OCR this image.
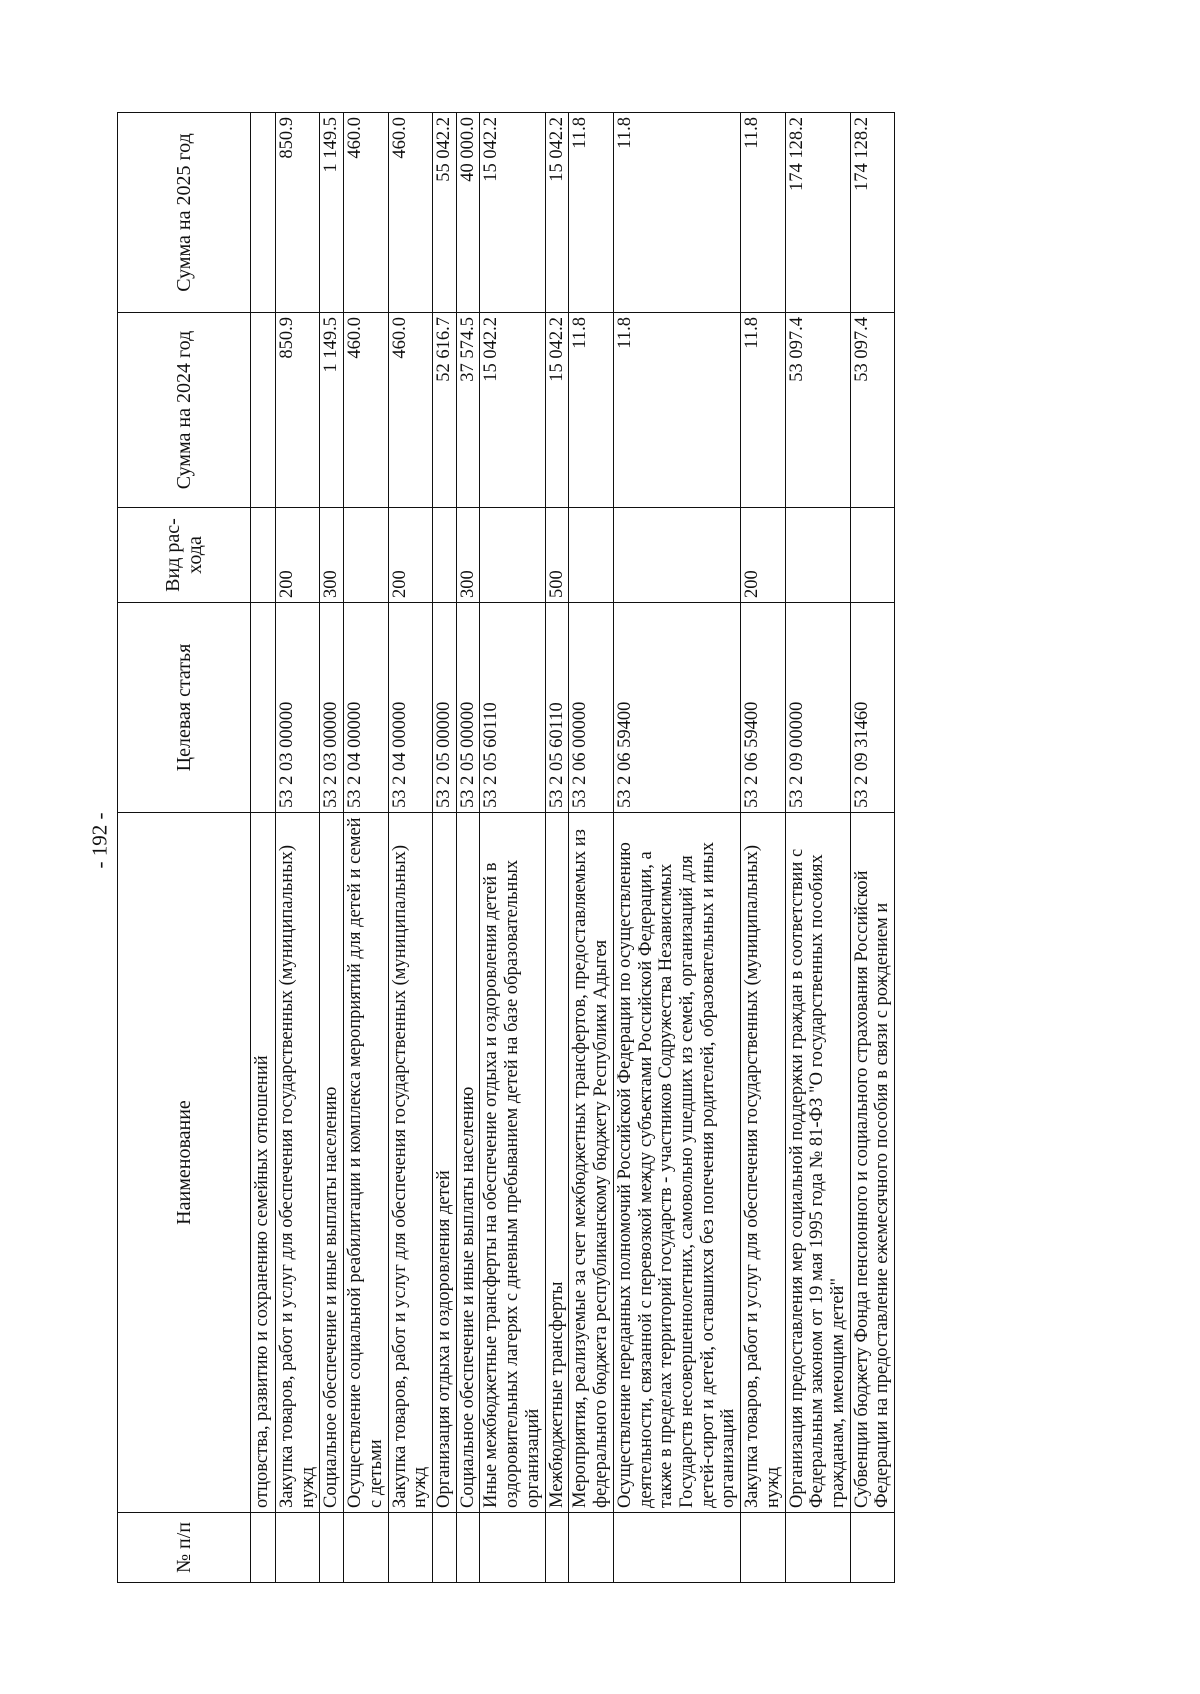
- 192 -
№ п/п	Наименование	Целевая статья	Вид рас-хода	Сумма на 2024 год	Сумма на 2025 год
	отцовства, развитию и сохранению семейных отношений				
	Закупка товаров, работ и услуг для обеспечения государственных (муниципальных) нужд	53 2 03 00000	200	850.9	850.9
	Социальное обеспечение и иные выплаты населению	53 2 03 00000	300	1 149.5	1 149.5
	Осуществление социальной реабилитации и комплекса мероприятий для детей и семей с детьми	53 2 04 00000		460.0	460.0
	Закупка товаров, работ и услуг для обеспечения государственных (муниципальных) нужд	53 2 04 00000	200	460.0	460.0
	Организация отдыха и оздоровления детей	53 2 05 00000		52 616.7	55 042.2
	Социальное обеспечение и иные выплаты населению	53 2 05 00000	300	37 574.5	40 000.0
	Иные межбюджетные трансферты на обеспечение отдыха и оздоровления детей в оздоровительных лагерях с дневным пребыванием детей на базе образовательных организаций	53 2 05 60110		15 042.2	15 042.2
	Межбюджетные трансферты	53 2 05 60110	500	15 042.2	15 042.2
	Мероприятия, реализуемые за счет межбюджетных трансфертов, предоставляемых из федерального бюджета республиканскому бюджету Республики Адыгея	53 2 06 00000		11.8	11.8
	Осуществление переданных полномочий Российской Федерации по осуществлению деятельности, связанной с перевозкой между субъектами Российской Федерации, а также в пределах территорий государств - участников Содружества Независимых Государств несовершеннолетних, самовольно ушедших из семей, организаций для детей-сирот и детей, оставшихся без попечения родителей, образовательных и иных организаций	53 2 06 59400		11.8	11.8
	Закупка товаров, работ и услуг для обеспечения государственных (муниципальных) нужд	53 2 06 59400	200	11.8	11.8
	Организация предоставления мер социальной поддержки граждан в соответствии с Федеральным законом от 19 мая 1995 года № 81-ФЗ "О государственных пособиях гражданам, имеющим детей"	53 2 09 00000		53 097.4	174 128.2
	Субвенции бюджету Фонда пенсионного и социального страхования Российской Федерации на предоставление ежемесячного пособия в связи с рождением и	53 2 09 31460		53 097.4	174 128.2
